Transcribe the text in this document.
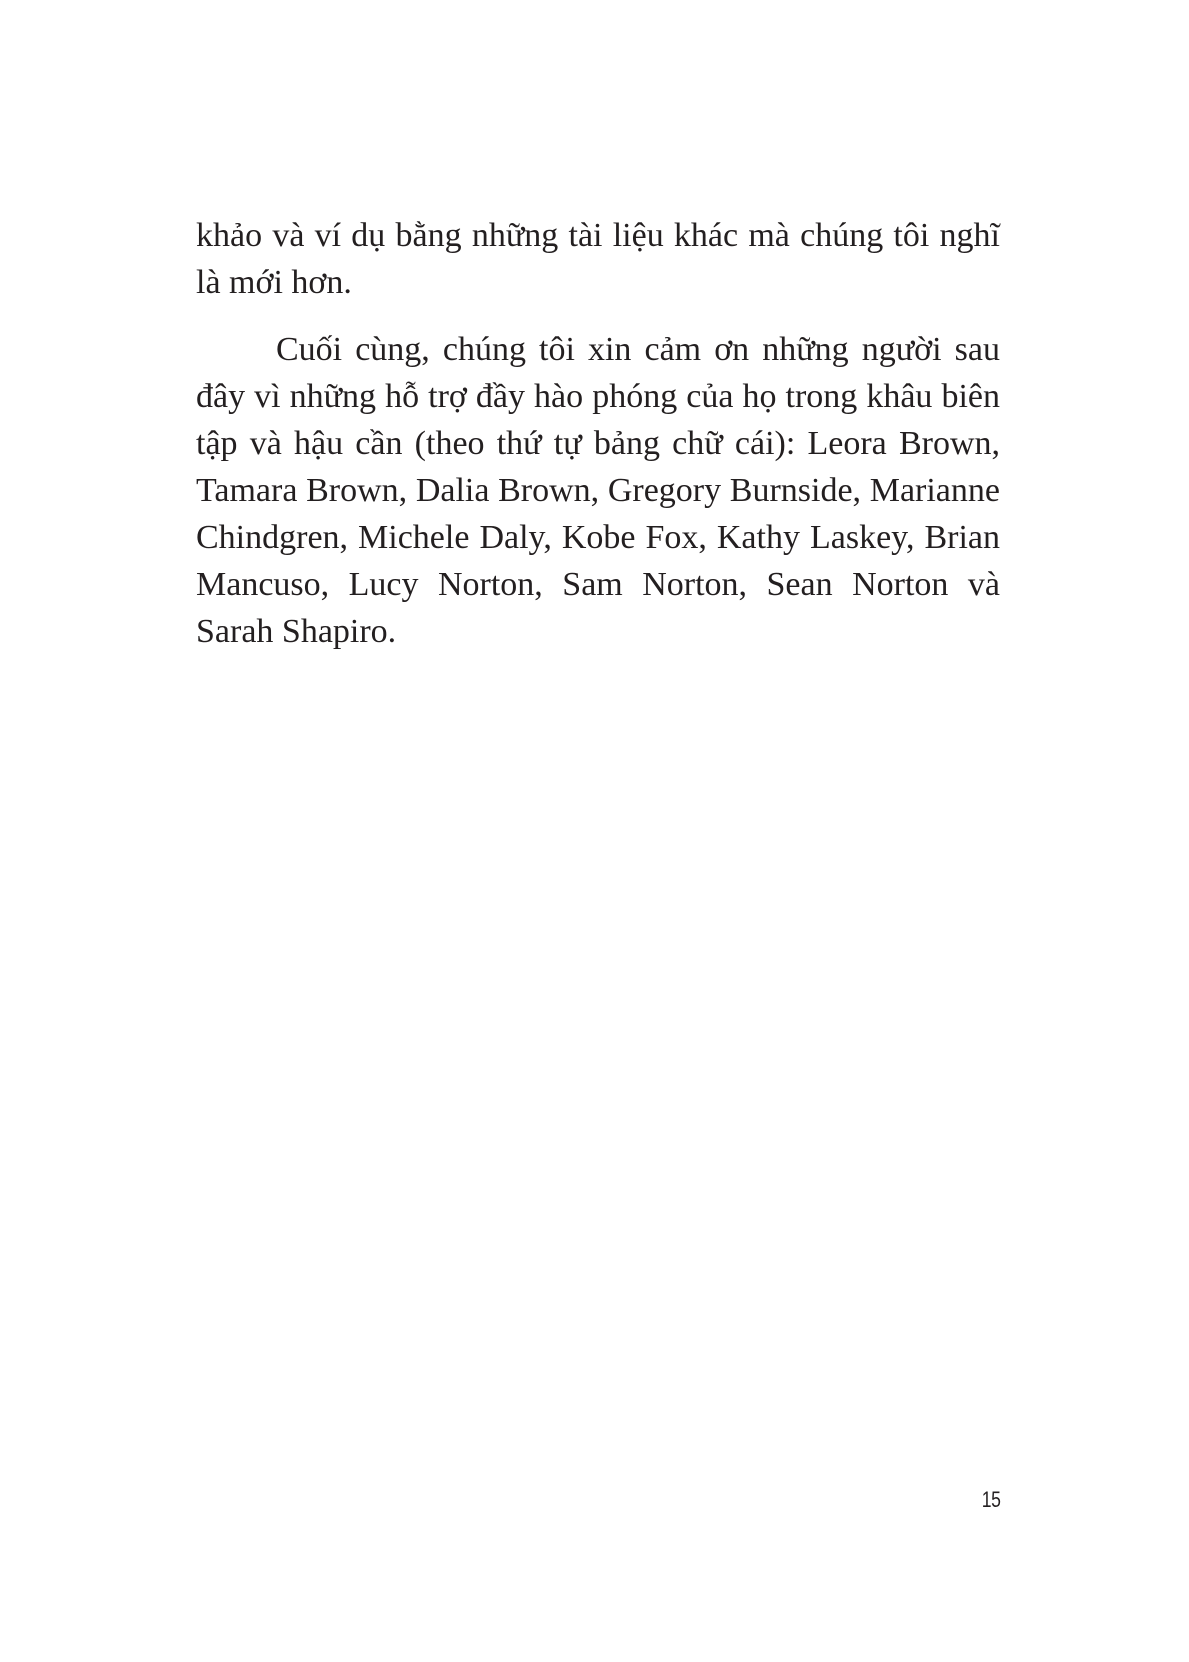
khảo và ví dụ bằng những tài liệu khác mà chúng tôi nghĩ là mới hơn.

Cuối cùng, chúng tôi xin cảm ơn những người sau đây vì những hỗ trợ đầy hào phóng của họ trong khâu biên tập và hậu cần (theo thứ tự bảng chữ cái): Leora Brown, Tamara Brown, Dalia Brown, Gregory Burnside, Marianne Chindgren, Michele Daly, Kobe Fox, Kathy Laskey, Brian Mancuso, Lucy Norton, Sam Norton, Sean Norton và Sarah Shapiro.

15
